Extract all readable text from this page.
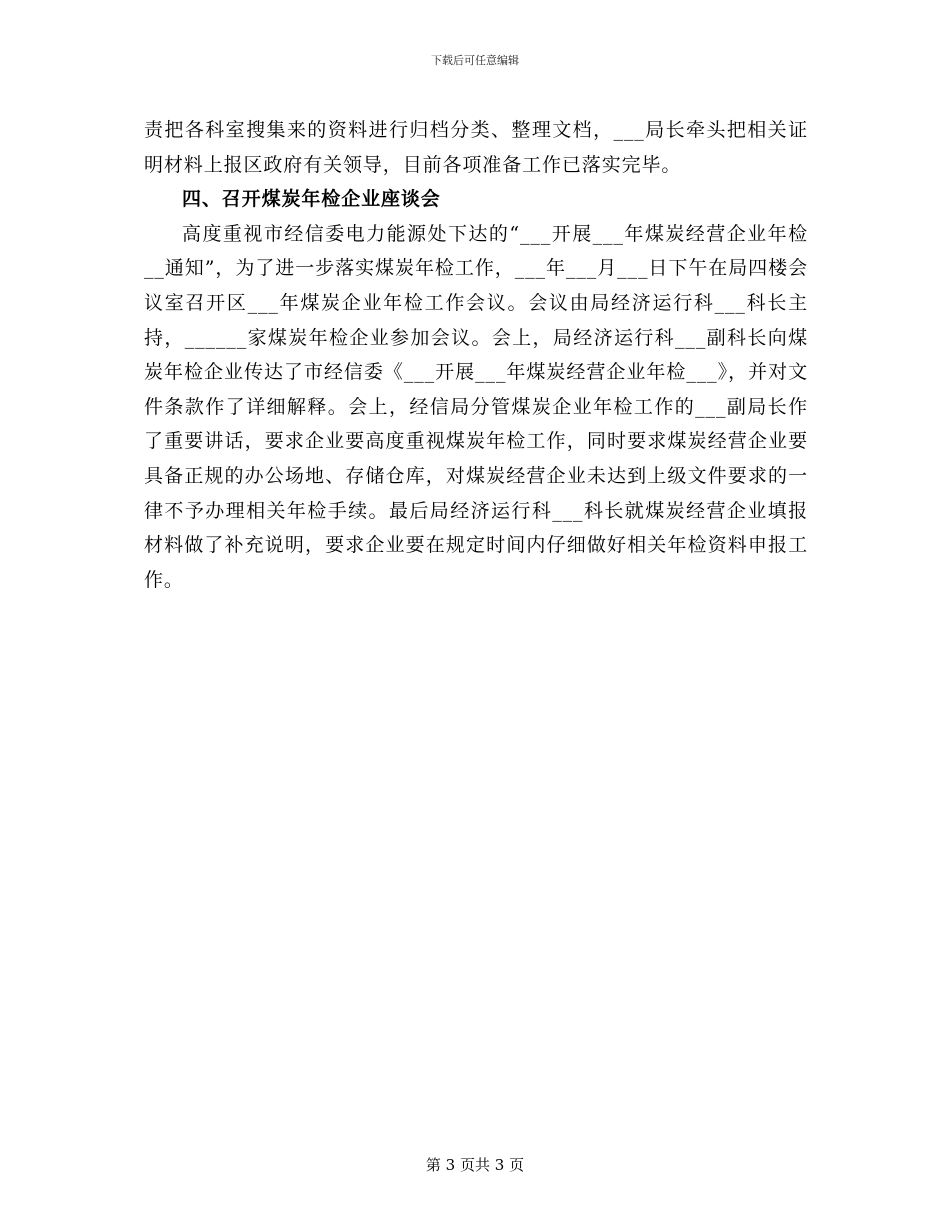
下载后可任意编辑

责把各科室搜集来的资料进行归档分类、整理文档，___局长牵头把相关证明材料上报区政府有关领导，目前各项准备工作已落实完毕。

四、召开煤炭年检企业座谈会

高度重视市经信委电力能源处下达的“___开展___年煤炭经营企业年检__通知”，为了进一步落实煤炭年检工作，___年___月___日下午在局四楼会议室召开区___年煤炭企业年检工作会议。会议由局经济运行科___科长主持，______家煤炭年检企业参加会议。会上，局经济运行科___副科长向煤炭年检企业传达了市经信委《___开展___年煤炭经营企业年检___》，并对文件条款作了详细解释。会上，经信局分管煤炭企业年检工作的___副局长作了重要讲话，要求企业要高度重视煤炭年检工作，同时要求煤炭经营企业要具备正规的办公场地、存储仓库，对煤炭经营企业未达到上级文件要求的一律不予办理相关年检手续。最后局经济运行科___科长就煤炭经营企业填报材料做了补充说明，要求企业要在规定时间内仔细做好相关年检资料申报工作。

第 3 页共 3 页
